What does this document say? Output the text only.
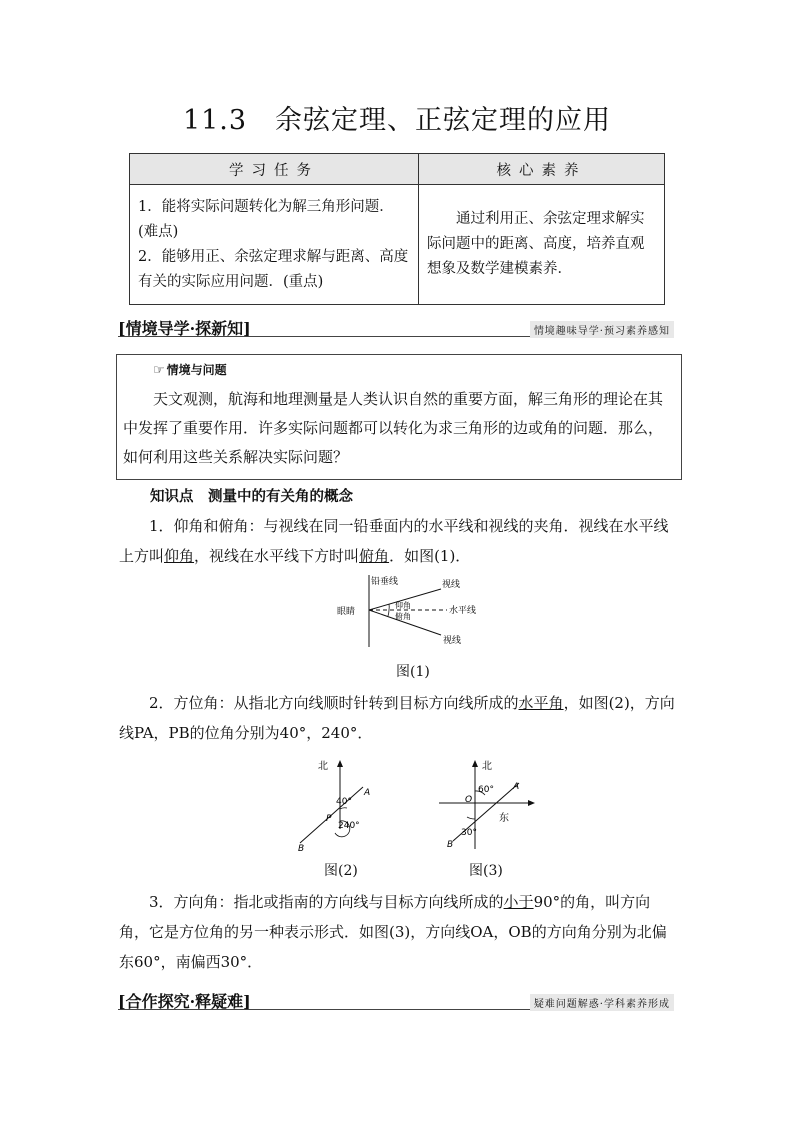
11.3　余弦定理、正弦定理的应用
学习任务	核心素养

1．能将实际问题转化为解三角形问题．(难点)
2．能够用正、余弦定理求解与距离、高度有关的实际应用问题．(重点)	通过利用正、余弦定理求解实际问题中的距离、高度，培养直观想象及数学建模素养．
[情境导学·探新知]	情境趣味导学·预习素养感知
☞ 情境与问题
天文观测，航海和地理测量是人类认识自然的重要方面，解三角形的理论在其中发挥了重要作用．许多实际问题都可以转化为求三角形的边或角的问题．那么，如何利用这些关系解决实际问题？
知识点　测量中的有关角的概念
1．仰角和俯角：与视线在同一铅垂面内的水平线和视线的夹角．视线在水平线上方叫仰角，视线在水平线下方时叫俯角．如图(1)．
铅垂线
眼睛
视线
水平线
视线
仰角
俯角
图(1)
2．方位角：从指北方向线顺时针转到目标方向线所成的水平角，如图(2)，方向线PA，PB的位角分别为40°，240°．
北
A
P
B
40°
240°
图(2)
北
东
O
A
B
60°
30°
图(3)
3．方向角：指北或指南的方向线与目标方向线所成的小于90°的角，叫方向角，它是方位角的另一种表示形式．如图(3)，方向线OA，OB的方向角分别为北偏东60°，南偏西30°．
[合作探究·释疑难]	疑难问题解惑·学科素养形成
